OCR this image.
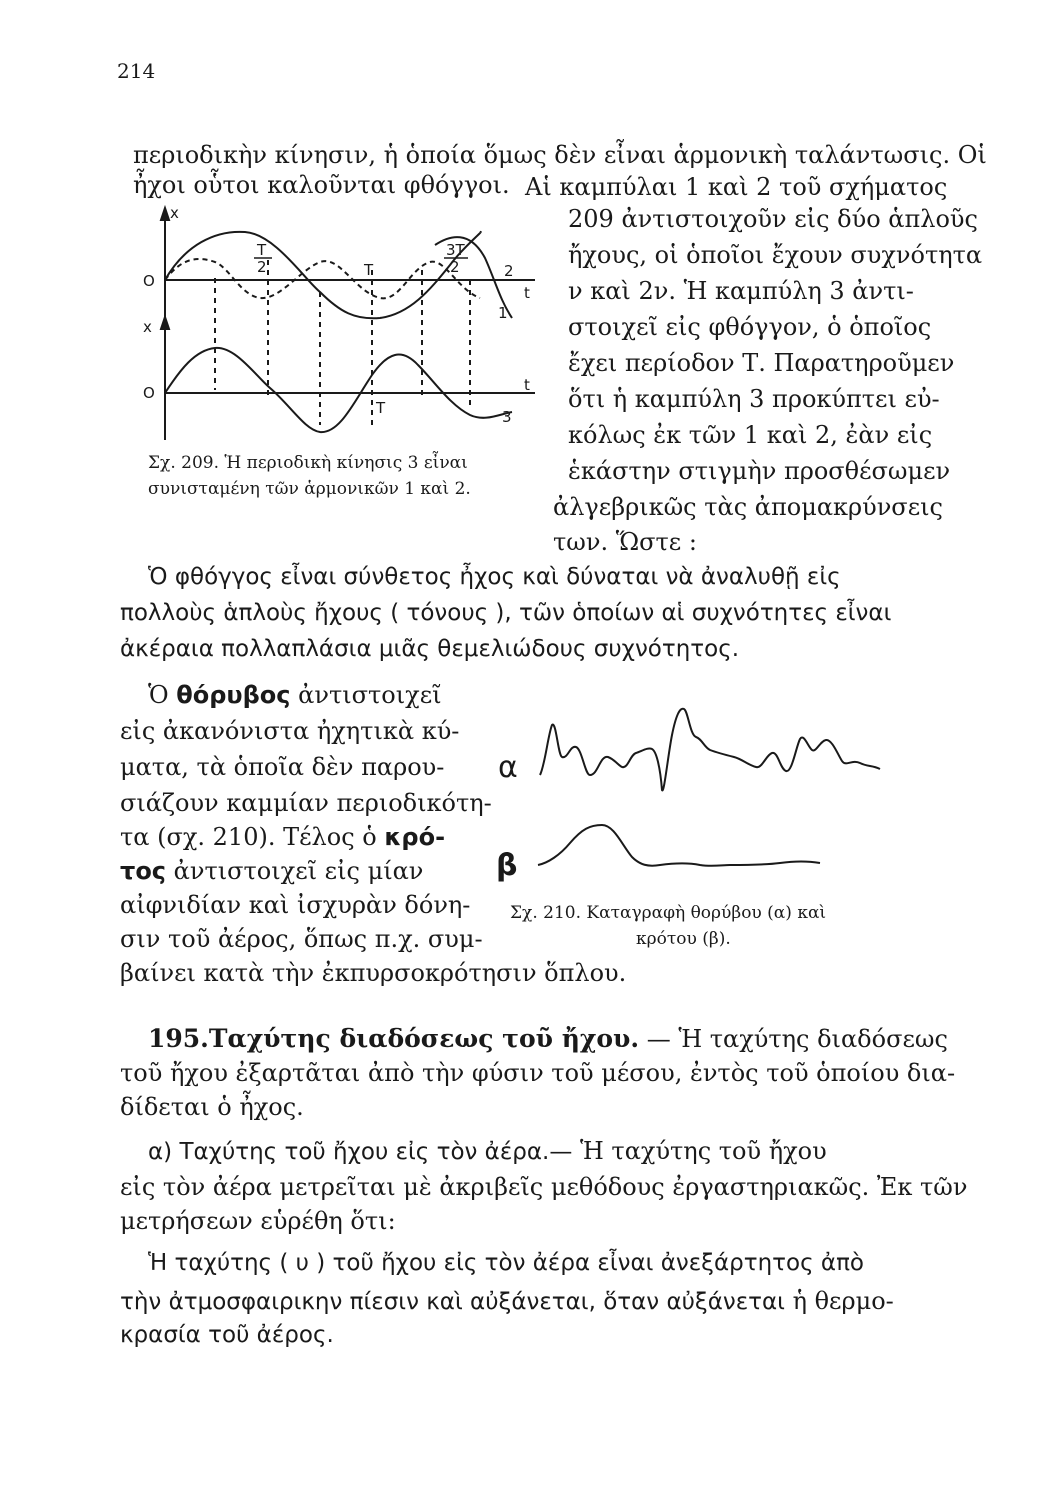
214
περιοδικὴν κίνησιν, ἡ ὁποία ὅμως δὲν εἶναι ἁρμονικὴ ταλάντωσις. Οἱ
ἦχοι οὗτοι καλοῦνται φθόγγοι. Αἱ καμπύλαι 1 καὶ 2 τοῦ σχήματος
209 ἀντιστοιχοῦν εἰς δύο ἁπλοῦς
ἤχους, οἱ ὁποῖοι ἔχουν συχνότητα
ν καὶ 2ν. Ἡ καμπύλη 3 ἀντι-
στοιχεῖ εἰς φθόγγον, ὁ ὁποῖος
ἔχει περίοδον Τ. Παρατηροῦμεν
ὅτι ἡ καμπύλη 3 προκύπτει εὐ-
κόλως ἐκ τῶν 1 καὶ 2, ἐὰν εἰς
ἑκάστην στιγμὴν προσθέσωμεν
ἀλγεβρικῶς τὰς ἀπομακρύνσεις
των. Ὥστε :
x
O
t
T
2	T
3T
2	2
1
x
O	t
T	3
Σχ. 209. Ἡ περιοδικὴ κίνησις 3 εἶναι
συνισταμένη τῶν ἁρμονικῶν 1 καὶ 2.
Ὁ φθόγγος εἶναι σύνθετος ἦχος καὶ δύναται νὰ ἀναλυθῇ εἰς
πολλοὺς ἁπλοὺς ἤχους ( τόνους ), τῶν ὁποίων αἱ συχνότητες εἶναι
ἀκέραια πολλαπλάσια μιᾶς θεμελιώδους συχνότητος.
Ὁ θόρυβος ἀντιστοιχεῖ
εἰς ἀκανόνιστα ἠχητικὰ κύ-
ματα, τὰ ὁποῖα δὲν παρου-
σιάζουν καμμίαν περιοδικότη-
τα (σχ. 210). Τέλος ὁ κρό-
τος ἀντιστοιχεῖ εἰς μίαν
αἰφνιδίαν καὶ ἰσχυρὰν δόνη-
σιν τοῦ ἀέρος, ὅπως π.χ. συμ-
βαίνει κατὰ τὴν ἐκπυρσοκρότησιν ὅπλου.
α
β
Σχ. 210. Καταγραφὴ θορύβου (α) καὶ
κρότου (β).
195.Ταχύτης διαδόσεως τοῦ ἤχου. — Ἡ ταχύτης διαδόσεως
τοῦ ἤχου ἐξαρτᾶται ἀπὸ τὴν φύσιν τοῦ μέσου, ἐντὸς τοῦ ὁποίου δια-
δίδεται ὁ ἦχος.
α) Ταχύτης τοῦ ἤχου εἰς τὸν ἀέρα.— Ἡ ταχύτης τοῦ ἤχου
εἰς τὸν ἀέρα μετρεῖται μὲ ἀκριβεῖς μεθόδους ἐργαστηριακῶς. Ἐκ τῶν
μετρήσεων εὑρέθη ὅτι:
Ἡ ταχύτης ( υ ) τοῦ ἤχου εἰς τὸν ἀέρα εἶναι ἀνεξάρτητος ἀπὸ
τὴν ἀτμοσφαιρικην πίεσιν καὶ αὐξάνεται, ὅταν αὐξάνεται ἡ θερμο-
κρασία τοῦ ἀέρος.
